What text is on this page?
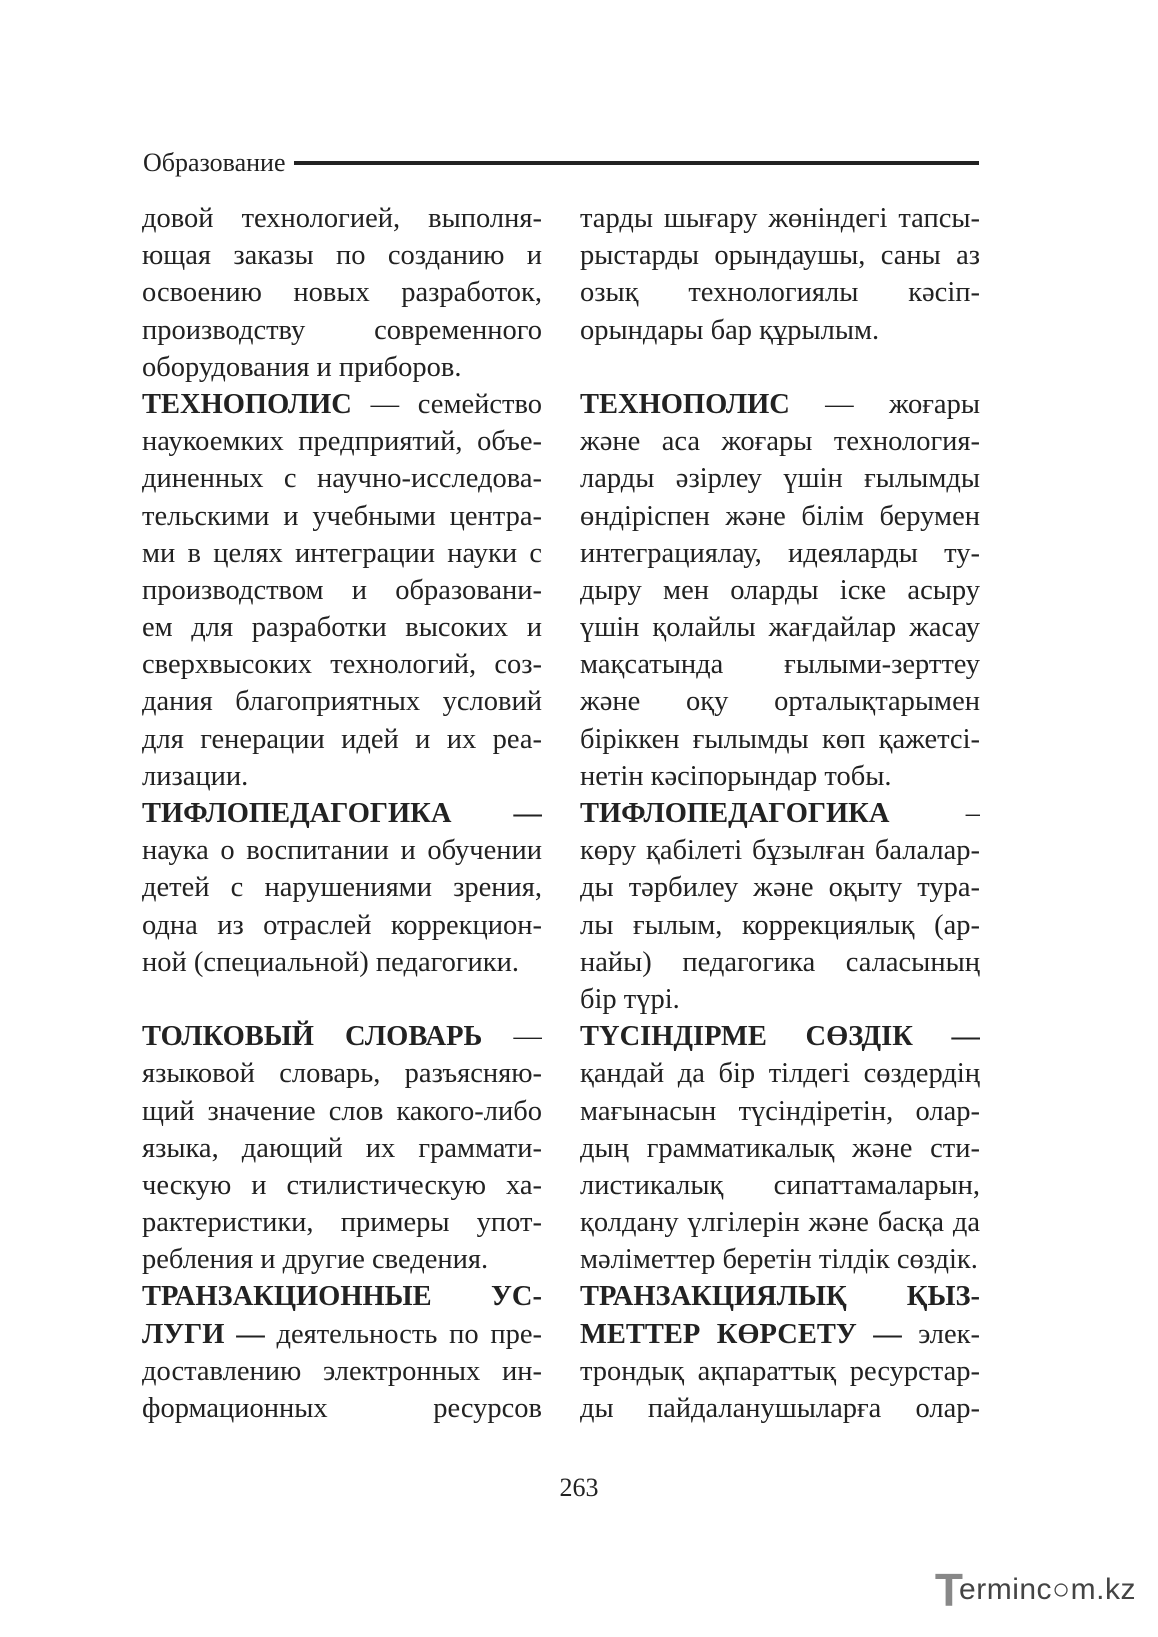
Образование
довой технологией, выполня-
ющая заказы по созданию и
освоению новых разработок,
производству современного
оборудования и приборов.
ТЕХНОПОЛИС — семейство
наукоемких предприятий, объе-
диненных с научно-исследова-
тельскими и учебными центра-
ми в целях интеграции науки с
производством и образовани-
ем для разработки высоких и
сверхвысоких технологий, соз-
дания благоприятных условий
для генерации идей и их реа-
лизации.
ТИФЛОПЕДАГОГИКА —
наука о воспитании и обучении
детей с нарушениями зрения,
одна из отраслей коррекцион-
ной (специальной) педагогики.
ТОЛКОВЫЙ СЛОВАРЬ —
языковой словарь, разъясняю-
щий значение слов какого-либо
языка, дающий их граммати-
ческую и стилистическую ха-
рактеристики, примеры упот-
ребления и другие сведения.
ТРАНЗАКЦИОННЫЕ УС-
ЛУГИ — деятельность по пре-
доставлению электронных ин-
формационных ресурсов
тарды шығару жөніндегі тапсы-
рыстарды орындаушы, саны аз
озық технологиялы кәсіп-
орындары бар құрылым.
ТЕХНОПОЛИС — жоғары
және аса жоғары технология-
ларды әзірлеу үшін ғылымды
өндіріспен және білім берумен
интеграциялау, идеяларды ту-
дыру мен оларды іске асыру
үшін қолайлы жағдайлар жасау
мақсатында ғылыми-зерттеу
және оқу орталықтарымен
біріккен ғылымды көп қажетсі-
нетін кәсіпорындар тобы.
ТИФЛОПЕДАГОГИКА –
көру қабілеті бұзылған балалар-
ды тәрбилеу және оқыту тура-
лы ғылым, коррекциялық (ар-
найы) педагогика саласының
бір түрі.
ТҮСІНДІРМЕ СӨЗДІК —
қандай да бір тілдегі сөздердің
мағынасын түсіндіретін, олар-
дың грамматикалық және сти-
листикалық сипаттамаларын,
қолдану үлгілерін және басқа да
мәліметтер беретін тілдік сөздік.
ТРАНЗАКЦИЯЛЫҚ ҚЫЗ-
МЕТТЕР КӨРСЕТУ — элек-
трондық ақпараттық ресурстар-
ды пайдаланушыларға олар-
263
T
erminc○m.kz
